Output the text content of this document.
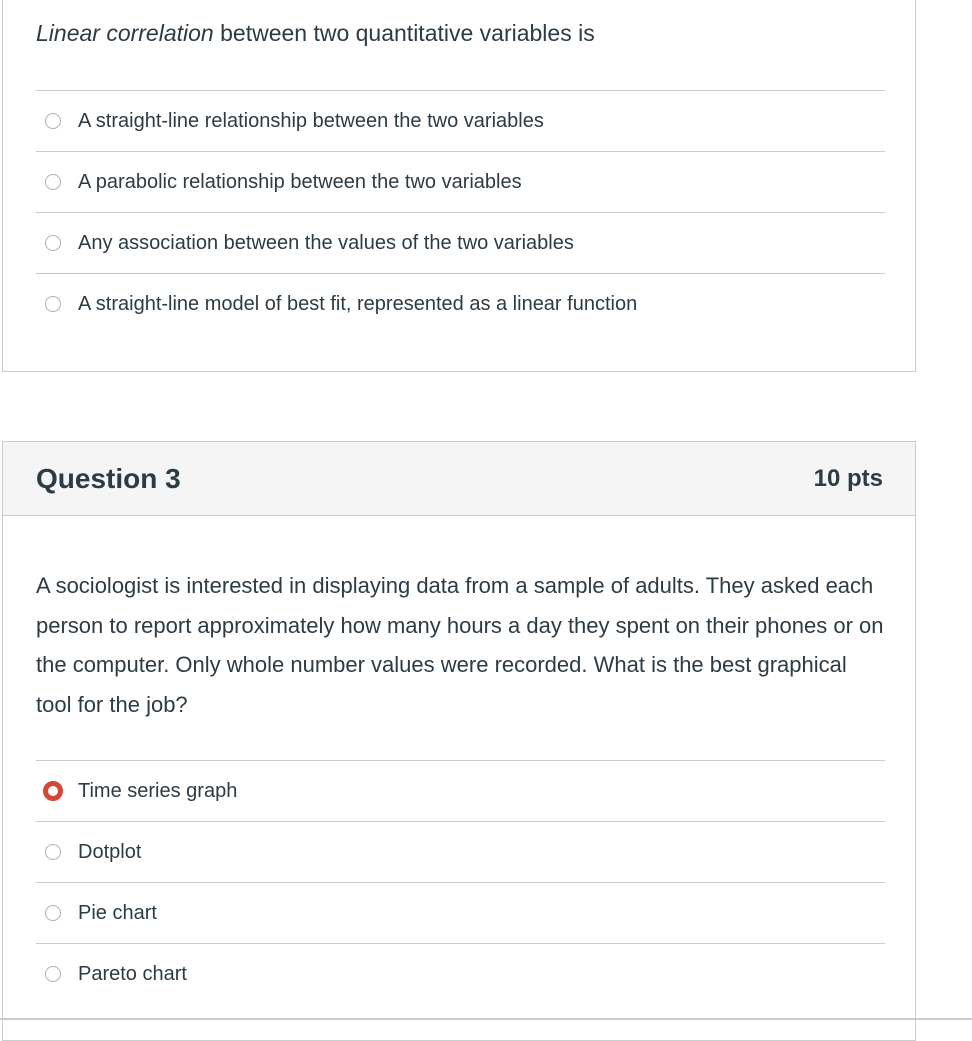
Linear correlation between two quantitative variables is
A straight-line relationship between the two variables
A parabolic relationship between the two variables
Any association between the values of the two variables
A straight-line model of best fit, represented as a linear function
Question 3	10 pts
A sociologist is interested in displaying data from a sample of adults. They asked each person to report approximately how many hours a day they spent on their phones or on the computer. Only whole number values were recorded. What is the best graphical tool for the job?
Time series graph
Dotplot
Pie chart
Pareto chart
